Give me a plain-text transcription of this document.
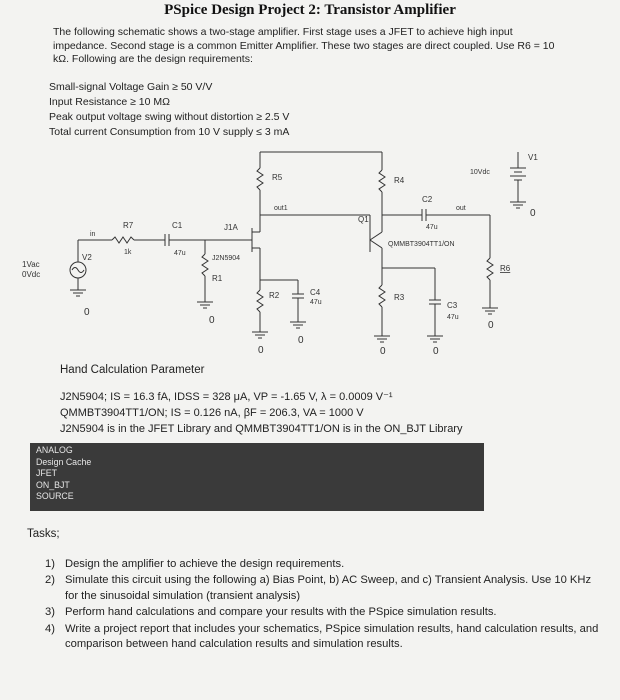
PSpice Design Project 2: Transistor Amplifier
The following schematic shows a two-stage amplifier. First stage uses a JFET to achieve high input impedance. Second stage is a common Emitter Amplifier. These two stages are direct coupled. Use R6 = 10 kΩ. Following are the design requirements:
Small-signal Voltage Gain ≥ 50 V/V
Input Resistance ≥ 10 MΩ
Peak output voltage swing without distortion ≥ 2.5 V
Total current Consumption from 10 V supply ≤ 3 mA
0
1Vac
0Vdc
V2
in
R7
1k
C1
47u
R1
0
J1A
J2N5904
R5
out1
R2
0
C4
47u
0
Q1
QMMBT3904TT1/ON
R4
C2
47u
out
R3
0
C3
47u
0
R6
0
V1
10Vdc
0
Hand Calculation Parameter
J2N5904; IS = 16.3 fA, IDSS = 328 μA, VP = -1.65 V, λ = 0.0009 V⁻¹
QMMBT3904TT1/ON; IS = 0.126 nA, βF = 206.3, VA = 1000 V
J2N5904 is in the JFET Library and QMMBT3904TT1/ON is in the ON_BJT Library
ANALOG
Design Cache
JFET
ON_BJT
SOURCE
Tasks;
1) Design the amplifier to achieve the design requirements.
2) Simulate this circuit using the following a) Bias Point, b) AC Sweep, and c) Transient Analysis. Use 10 KHz for the sinusoidal simulation (transient analysis)
3) Perform hand calculations and compare your results with the PSpice simulation results.
4) Write a project report that includes your schematics, PSpice simulation results, hand calculation results, and comparison between hand calculation results and simulation results.
